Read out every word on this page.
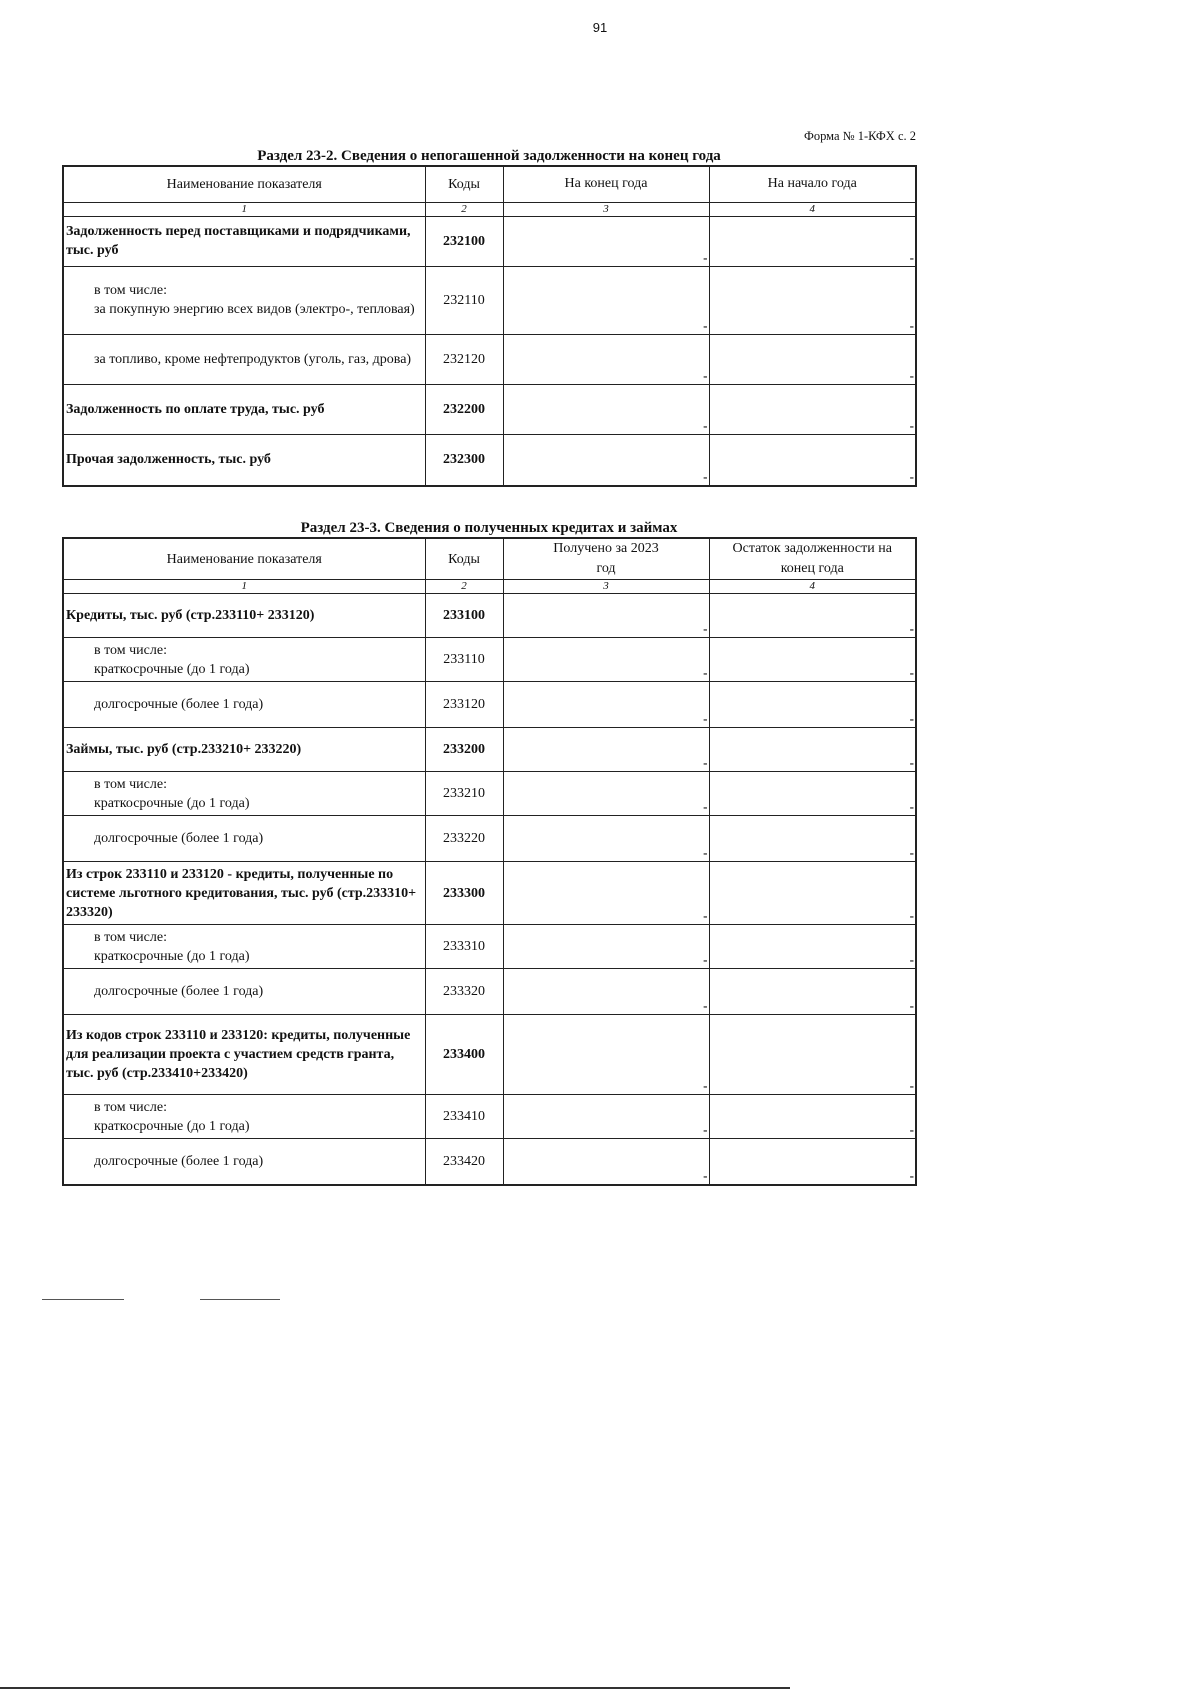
91
Форма № 1-КФХ с. 2
Раздел 23-2. Сведения о непогашенной задолженности на конец года
Наименование показателя	Коды	На конец года	На начало года

1	2	3	4
Задолженность перед поставщиками и подрядчиками, тыс. руб	232100	-	-

в том числе:
за покупную энергию всех видов (электро-, тепловая)	232110	-	-

за топливо, кроме нефтепродуктов (уголь, газ, дрова)	232120	-	-

Задолженность по оплате труда, тыс. руб	232200	-	-

Прочая задолженность, тыс. руб	232300	-	-
Раздел 23-3. Сведения о полученных кредитах и займах
Наименование показателя	Коды	Получено за 2023 год	Остаток задолженности на конец года

1	2	3	4
Кредиты, тыс. руб (стр.233110+ 233120)	233100	-	-

в том числе:
краткосрочные (до 1 года)	233110	-	-

долгосрочные (более 1 года)	233120	-	-

Займы, тыс. руб (стр.233210+ 233220)	233200	-	-

в том числе:
краткосрочные (до 1 года)	233210	-	-

долгосрочные (более 1 года)	233220	-	-

Из строк 233110 и 233120 - кредиты, полученные по системе льготного кредитования, тыс. руб (стр.233310+ 233320)	233300	-	-

в том числе:
краткосрочные (до 1 года)	233310	-	-

долгосрочные (более 1 года)	233320	-	-

Из кодов строк 233110 и 233120: кредиты, полученные для реализации проекта с участием средств гранта, тыс. руб (стр.233410+233420)	233400	-	-

в том числе:
краткосрочные (до 1 года)	233410	-	-

долгосрочные (более 1 года)	233420	-	-
